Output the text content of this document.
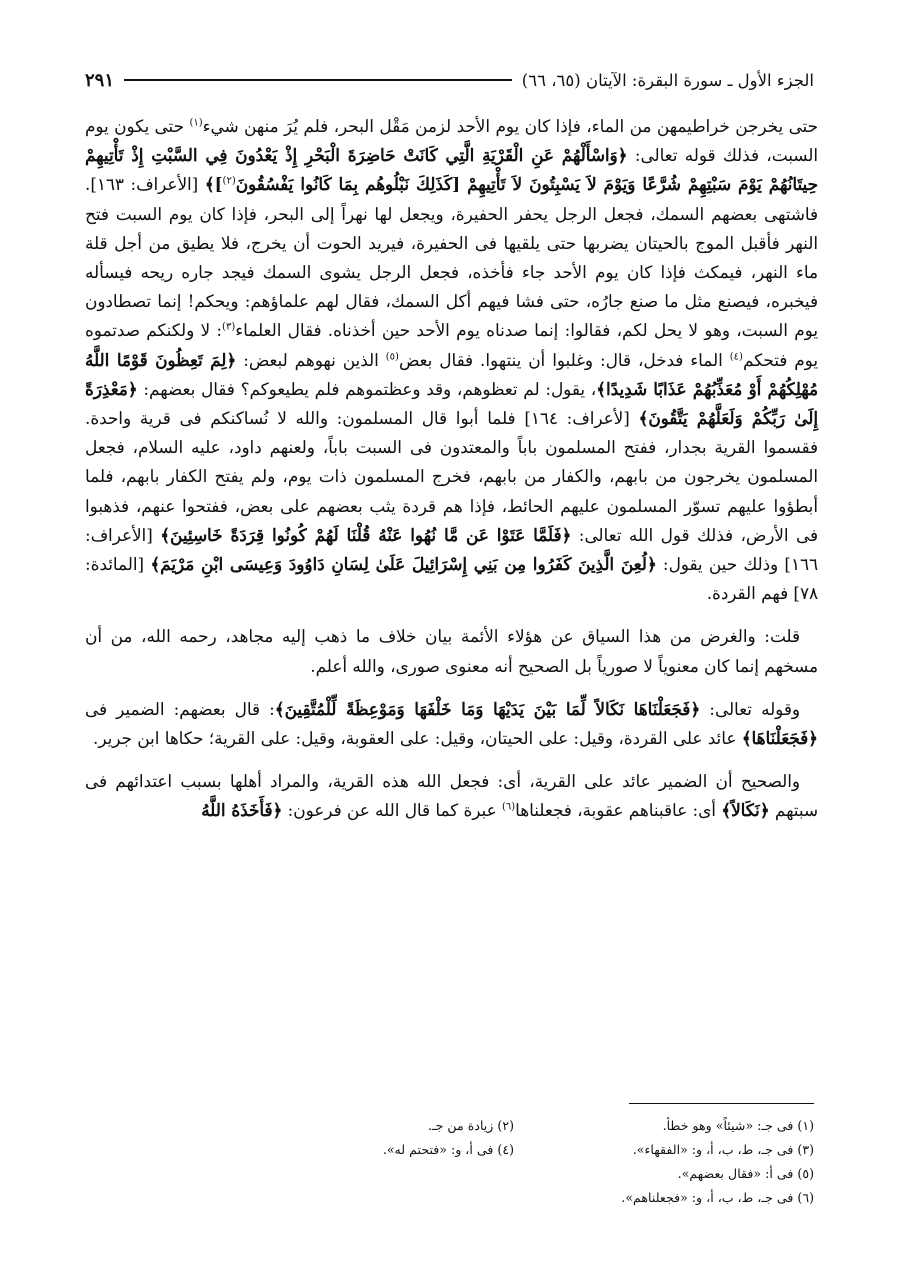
الجزء الأول ـ سورة البقرة: الآيتان (٦٥، ٦٦)
٢٩١

حتى يخرجن خراطيمهن من الماء، فإذا كان يوم الأحد لزمن مَقْل البحر، فلم يُرَ منهن شيء$^{(١)}$ حتى يكون يوم السبت، فذلك قوله تعالى: ﴿وَاسْأَلْهُمْ عَنِ الْقَرْيَةِ الَّتِي كَانَتْ حَاضِرَةَ الْبَحْرِ إِذْ يَعْدُونَ فِي السَّبْتِ إِذْ تَأْتِيهِمْ حِيتَانُهُمْ يَوْمَ سَبْتِهِمْ شُرَّعًا وَيَوْمَ لاَ يَسْبِتُونَ لاَ تَأْتِيهِمْ [كَذَلِكَ نَبْلُوهُم بِمَا كَانُوا يَفْسُقُونَ$^{(٢)}$]﴾ [الأعراف: ١٦٣]. فاشتهى بعضهم السمك، فجعل الرجل يحفر الحفيرة، ويجعل لها نهراً إلى البحر، فإذا كان يوم السبت فتح النهر فأقبل الموج بالحيتان يضربها حتى يلقيها فى الحفيرة، فيريد الحوت أن يخرج، فلا يطيق من أجل قلة ماء النهر، فيمكث فإذا كان يوم الأحد جاء فأخذه، فجعل الرجل يشوى السمك فيجد جاره ريحه فيسأله فيخبره، فيصنع مثل ما صنع جارُه، حتى فشا فيهم أكل السمك، فقال لهم علماؤهم: ويحكم! إنما تصطادون يوم السبت، وهو لا يحل لكم، فقالوا: إنما صدناه يوم الأحد حين أخذناه. فقال العلماء$^{(٣)}$: لا ولكنكم صدتموه يوم فتحكم$^{(٤)}$ الماء فدخل، قال: وغلبوا أن ينتهوا. فقال بعض$^{(٥)}$ الذين نهوهم لبعض: ﴿لِمَ تَعِظُونَ قَوْمًا اللَّهُ مُهْلِكُهُمْ أَوْ مُعَذِّبُهُمْ عَذَابًا شَدِيدًا﴾، يقول: لم تعظوهم، وقد وعظتموهم فلم يطيعوكم؟ فقال بعضهم: ﴿مَعْذِرَةً إِلَىٰ رَبِّكُمْ وَلَعَلَّهُمْ يَتَّقُونَ﴾ [لأعراف: ١٦٤] فلما أبوا قال المسلمون: والله لا نُساكنكم فى قرية واحدة. فقسموا القرية بجدار، ففتح المسلمون باباً والمعتدون فى السبت باباً، ولعنهم داود، عليه السلام، فجعل المسلمون يخرجون من بابهم، والكفار من بابهم، فخرج المسلمون ذات يوم، ولم يفتح الكفار بابهم، فلما أبطؤوا عليهم تسوّر المسلمون عليهم الحائط، فإذا هم قردة يثب بعضهم على بعض، ففتحوا عنهم، فذهبوا فى الأرض، فذلك قول الله تعالى: ﴿فَلَمَّا عَتَوْا عَن مَّا نُهُوا عَنْهُ قُلْنَا لَهُمْ كُونُوا قِرَدَةً خَاسِئِينَ﴾ [الأعراف: ١٦٦] وذلك حين يقول: ﴿لُعِنَ الَّذِينَ كَفَرُوا مِن بَنِي إِسْرَائِيلَ عَلَىٰ لِسَانِ دَاوُودَ وَعِيسَى ابْنِ مَرْيَمَ﴾ [المائدة: ٧٨] فهم القردة.

قلت: والغرض من هذا السياق عن هؤلاء الأئمة بيان خلاف ما ذهب إليه مجاهد، رحمه الله، من أن مسخهم إنما كان معنوياً لا صورياً بل الصحيح أنه معنوى صورى، والله أعلم.

وقوله تعالى: ﴿فَجَعَلْنَاهَا نَكَالاً لِّمَا بَيْنَ يَدَيْهَا وَمَا خَلْفَهَا وَمَوْعِظَةً لِّلْمُتَّقِينَ﴾: قال بعضهم: الضمير فى ﴿فَجَعَلْنَاهَا﴾ عائد على القردة، وقيل: على الحيتان، وقيل: على العقوبة، وقيل: على القرية؛ حكاها ابن جرير.

والصحيح أن الضمير عائد على القرية، أى: فجعل الله هذه القرية، والمراد أهلها بسبب اعتدائهم فى سبتهم ﴿نَكَالاً﴾ أى: عاقبناهم عقوبة، فجعلناها$^{(٦)}$ عبرة كما قال الله عن فرعون: ﴿فَأَخَذَهُ اللَّهُ

(١) فى جـ: «شيئاً» وهو خطأ.
(٢) زيادة من جـ.
(٣) فى جـ، ط، ب، أ، و: «الفقهاء».
(٤) فى أ، و: «فتحتم له».
(٥) فى أ: «فقال بعضهم».
(٦) فى جـ، ط، ب، أ، و: «فجعلناهم».
